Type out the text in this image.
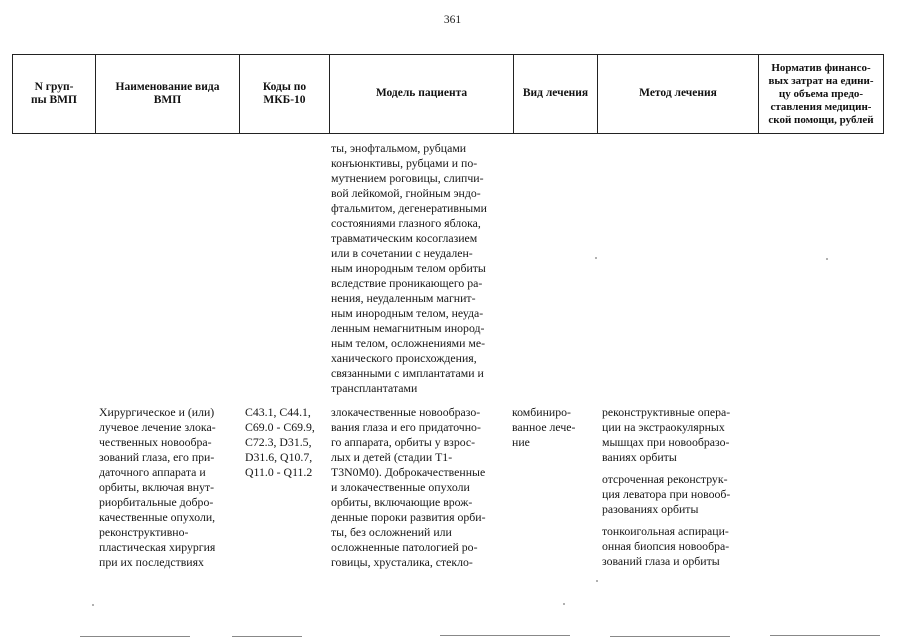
361
N груп-
пы ВМП
Наименование вида
ВМП
Коды по
МКБ-10
Модель пациента	Вид лечения	Метод лечения
Норматив финансо-
вых затрат на едини-
цу объема предо-
ставления медицин-
ской помощи, рублей
ты, энофтальмом, рубцами
конъюнктивы, рубцами и по-
мутнением роговицы, слипчи-
вой лейкомой, гнойным эндо-
фтальмитом, дегенеративными
состояниями глазного яблока,
травматическим косоглазием
или в сочетании с неудален-
ным инородным телом орбиты
вследствие проникающего ра-
нения, неудаленным магнит-
ным инородным телом, неуда-
ленным немагнитным инород-
ным телом, осложнениями ме-
ханического происхождения,
связанными с имплантатами и
трансплантатами
Хирургическое и (или)
лучевое лечение злока-
чественных новообра-
зований глаза, его при-
даточного аппарата и
орбиты, включая внут-
риорбитальные добро-
качественные опухоли,
реконструктивно-
пластическая хирургия
при их последствиях
C43.1, C44.1,
C69.0 - C69.9,
C72.3, D31.5,
D31.6, Q10.7,
Q11.0 - Q11.2
злокачественные новообразо-
вания глаза и его придаточно-
го аппарата, орбиты у взрос-
лых и детей (стадии T1-
T3N0M0). Доброкачественные
и злокачественные опухоли
орбиты, включающие врож-
денные пороки развития орби-
ты, без осложнений или
осложненные патологией ро-
говицы, хрусталика, стекло-
комбиниро-
ванное лече-
ние
реконструктивные опера-
ции на экстраокулярных
мышцах при новообразо-
ваниях орбиты
отсроченная реконструк-
ция леватора при новооб-
разованиях орбиты
тонкоигольная аспираци-
онная биопсия новообра-
зований глаза и орбиты
